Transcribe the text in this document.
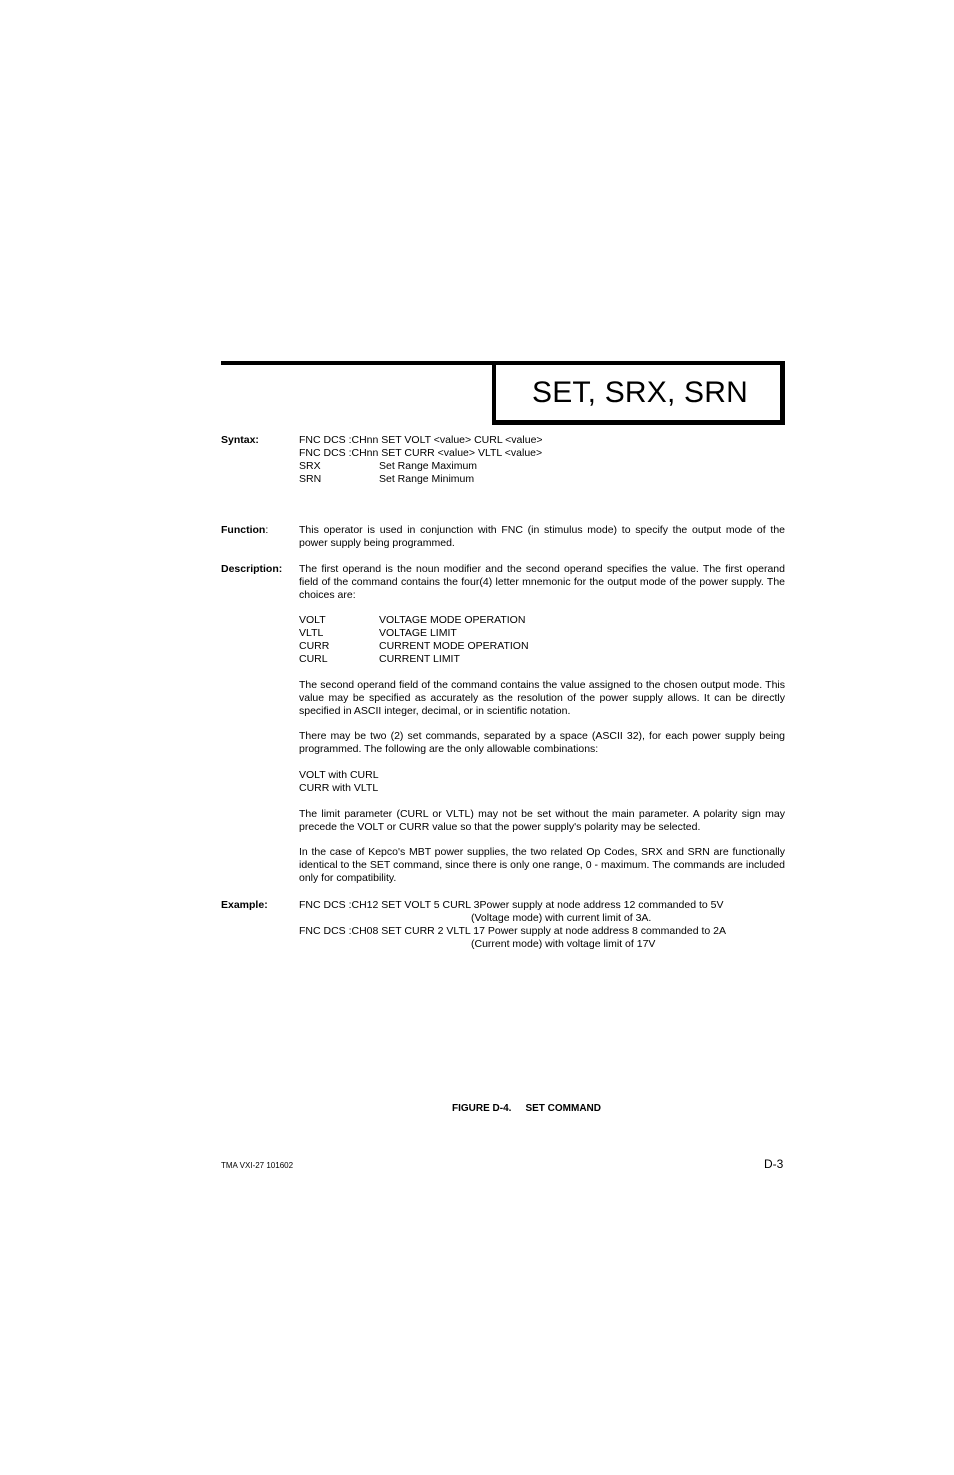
SET, SRX, SRN
Syntax:	FNC DCS :CHnn SET VOLT <value> CURL <value>
FNC DCS :CHnn SET CURR <value> VLTL <value>
SRX	Set Range Maximum
SRN	Set Range Minimum
Function:	This operator is used in conjunction with FNC (in stimulus mode) to specify the output mode of the power supply being programmed.

Description: The first operand is the noun modifier and the second operand specifies the value. The first operand field of the command contains the four(4) letter mnemonic for the output mode of the power supply. The choices are:

VOLT	VOLTAGE MODE OPERATION
VLTL	VOLTAGE LIMIT
CURR	CURRENT MODE OPERATION
CURL	CURRENT LIMIT

The second operand field of the command contains the value assigned to the chosen output mode. This value may be specified as accurately as the resolution of the power supply allows. It can be directly specified in ASCII integer, decimal, or in scientific notation.

There may be two (2) set commands, separated by a space (ASCII 32), for each power supply being programmed. The following are the only allowable combinations:

VOLT with CURL
CURR with VLTL

The limit parameter (CURL or VLTL) may not be set without the main parameter. A polarity sign may precede the VOLT or CURR value so that the power supply's polarity may be selected.

In the case of Kepco's MBT power supplies, the two related Op Codes, SRX and SRN are functionally identical to the SET command, since there is only one range, 0 - maximum. The commands are included only for compatibility.

Example:	FNC DCS :CH12 SET VOLT 5 CURL 3Power supply at node address 12 commanded to 5V
(Voltage mode) with current limit of 3A.
FNC DCS :CH08 SET CURR 2 VLTL 17 Power supply at node address 8 commanded to 2A
(Current mode) with voltage limit of 17V
FIGURE D-4. SET COMMAND
TMA VXI-27 101602	D-3
